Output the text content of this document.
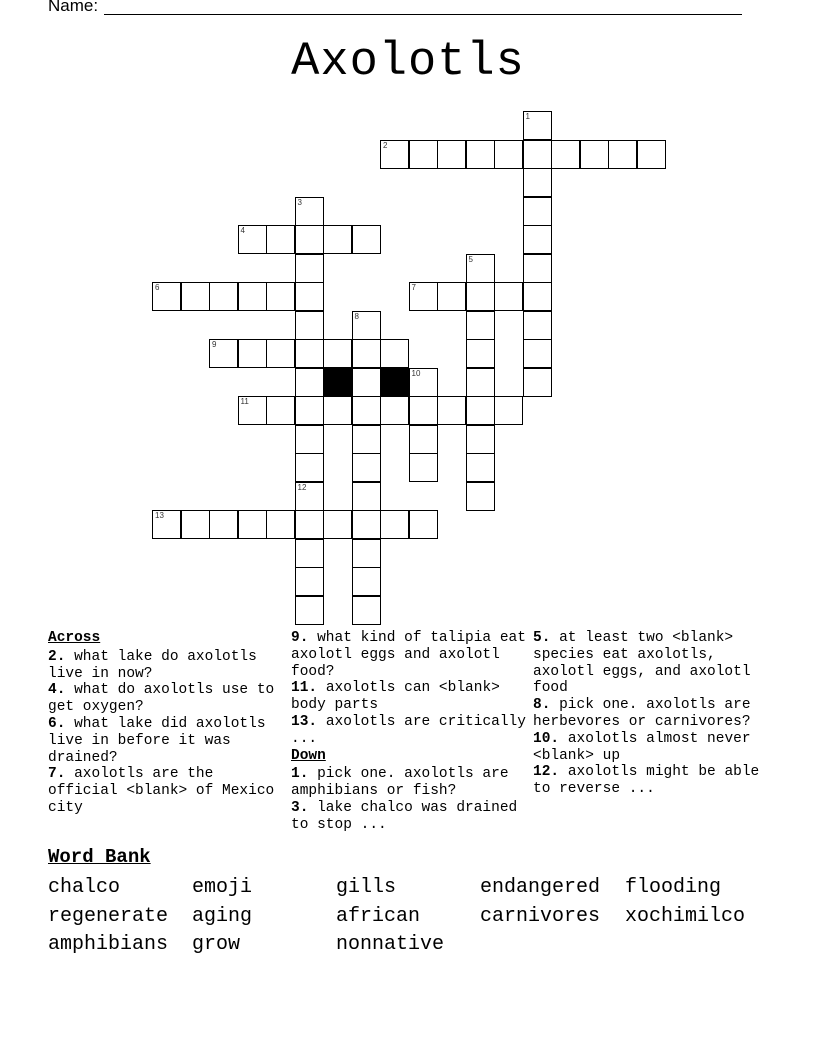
Name:
Axolotls
1
2
3
12
4
5
6	7
8
9
10
11
13
Across

2. what lake do axolotls live in now?

4. what do axolotls use to get oxygen?

6. what lake did axolotls live in before it was drained?

7. axolotls are the official <blank> of Mexico city

9. what kind of talipia eat axolotl eggs and axolotl food?

11. axolotls can <blank> body parts

13. axolotls are critically ...

Down

1. pick one. axolotls are amphibians or fish?

3. lake chalco was drained to stop ...

5. at least two <blank> species eat axolotls, axolotl eggs, and axolotl food

8. pick one. axolotls are herbevores or carnivores?

10. axolotls almost never <blank> up

12. axolotls might be able to reverse ...

Word Bank
chalco	emoji	gills	endangered	flooding
regenerate	aging	african	carnivores	xochimilco
amphibians	grow	nonnative
